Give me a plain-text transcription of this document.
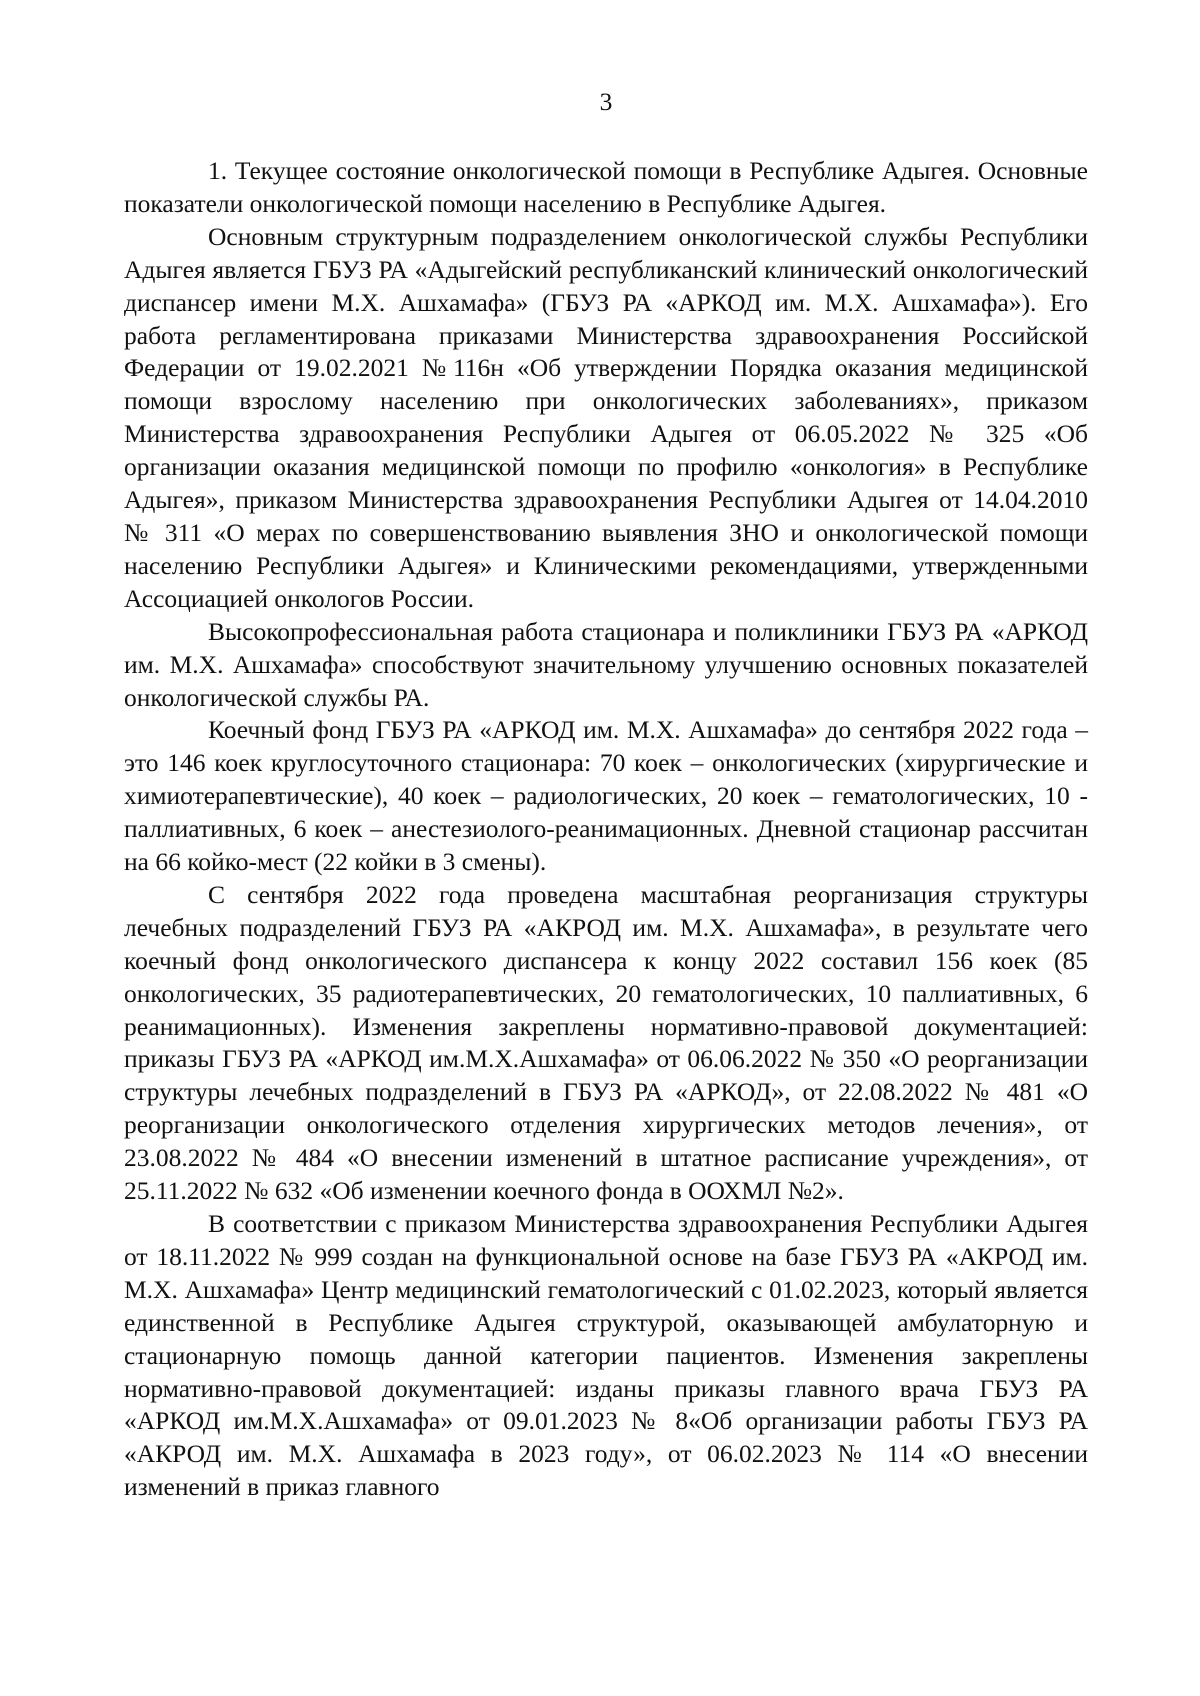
3

1. Текущее состояние онкологической помощи в Республике Адыгея. Основные показатели онкологической помощи населению в Республике Адыгея.

Основным структурным подразделением онкологической службы Республики Адыгея является ГБУЗ РА «Адыгейский республиканский клинический онкологический диспансер имени М.Х. Ашхамафа» (ГБУЗ РА «АРКОД им. М.Х. Ашхамафа»). Его работа регламентирована приказами Министерства здравоохранения Российской Федерации от 19.02.2021 №116н «Об утверждении Порядка оказания медицинской помощи взрослому населению при онкологических заболеваниях», приказом Министерства здравоохранения Республики Адыгея от 06.05.2022 № 325 «Об организации оказания медицинской помощи по профилю «онкология» в Республике Адыгея», приказом Министерства здравоохранения Республики Адыгея от 14.04.2010 № 311 «О мерах по совершенствованию выявления ЗНО и онкологической помощи населению Республики Адыгея» и Клиническими рекомендациями, утвержденными Ассоциацией онкологов России.

Высокопрофессиональная работа стационара и поликлиники ГБУЗ РА «АРКОД им. М.Х. Ашхамафа» способствуют значительному улучшению основных показателей онкологической службы РА.

Коечный фонд ГБУЗ РА «АРКОД им. М.Х. Ашхамафа» до сентября 2022 года – это 146 коек круглосуточного стационара: 70 коек – онкологических (хирургические и химиотерапевтические), 40 коек – радиологических, 20 коек – гематологических, 10 - паллиативных, 6 коек – анестезиолого-реанимационных. Дневной стационар рассчитан на 66 койко-мест (22 койки в 3 смены).

С сентября 2022 года проведена масштабная реорганизация структуры лечебных подразделений ГБУЗ РА «АКРОД им. М.Х. Ашхамафа», в результате чего коечный фонд онкологического диспансера к концу 2022 составил 156 коек (85 онкологических, 35 радиотерапевтических, 20 гематологических, 10 паллиативных, 6 реанимационных). Изменения закреплены нормативно-правовой документацией: приказы ГБУЗ РА «АРКОД им.М.Х.Ашхамафа» от 06.06.2022 № 350 «О реорганизации структуры лечебных подразделений в ГБУЗ РА «АРКОД», от 22.08.2022 № 481 «О реорганизации онкологического отделения хирургических методов лечения», от 23.08.2022 № 484 «О внесении изменений в штатное расписание учреждения», от 25.11.2022 № 632 «Об изменении коечного фонда в ООХМЛ №2».

В соответствии с приказом Министерства здравоохранения Республики Адыгея от 18.11.2022 № 999 создан на функциональной основе на базе ГБУЗ РА «АКРОД им. М.Х. Ашхамафа» Центр медицинский гематологический с 01.02.2023, который является единственной в Республике Адыгея структурой, оказывающей амбулаторную и стационарную помощь данной категории пациентов. Изменения закреплены нормативно-правовой документацией: изданы приказы главного врача ГБУЗ РА «АРКОД им.М.Х.Ашхамафа» от 09.01.2023 № 8«Об организации работы ГБУЗ РА «АКРОД им. М.Х. Ашхамафа в 2023 году», от 06.02.2023 № 114 «О внесении изменений в приказ главного
